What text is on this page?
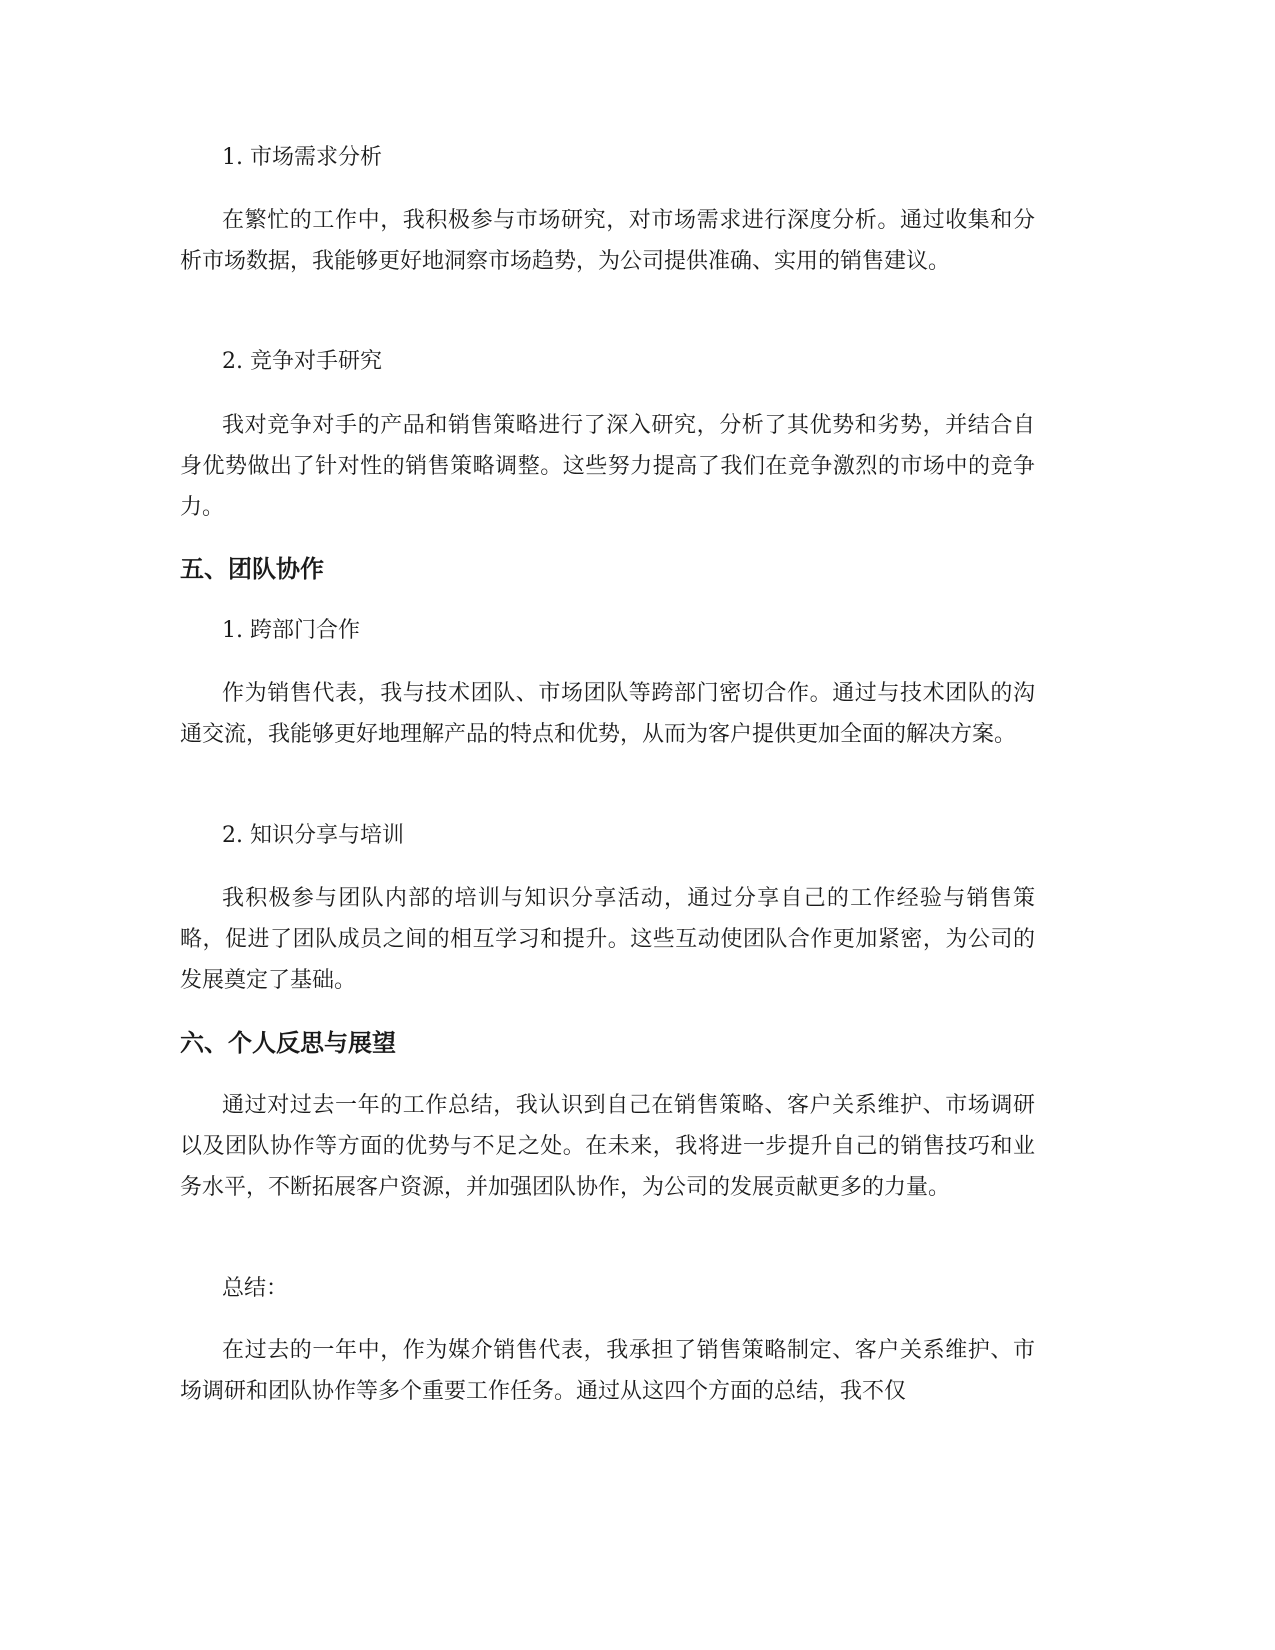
1. 市场需求分析
在繁忙的工作中，我积极参与市场研究，对市场需求进行深度分析。通过收集和分析市场数据，我能够更好地洞察市场趋势，为公司提供准确、实用的销售建议。
2. 竞争对手研究
我对竞争对手的产品和销售策略进行了深入研究，分析了其优势和劣势，并结合自身优势做出了针对性的销售策略调整。这些努力提高了我们在竞争激烈的市场中的竞争力。
五、团队协作
1. 跨部门合作
作为销售代表，我与技术团队、市场团队等跨部门密切合作。通过与技术团队的沟通交流，我能够更好地理解产品的特点和优势，从而为客户提供更加全面的解决方案。
2. 知识分享与培训
我积极参与团队内部的培训与知识分享活动，通过分享自己的工作经验与销售策略，促进了团队成员之间的相互学习和提升。这些互动使团队合作更加紧密，为公司的发展奠定了基础。
六、个人反思与展望
通过对过去一年的工作总结，我认识到自己在销售策略、客户关系维护、市场调研以及团队协作等方面的优势与不足之处。在未来，我将进一步提升自己的销售技巧和业务水平，不断拓展客户资源，并加强团队协作，为公司的发展贡献更多的力量。
总结：
在过去的一年中，作为媒介销售代表，我承担了销售策略制定、客户关系维护、市场调研和团队协作等多个重要工作任务。通过从这四个方面的总结，我不仅
